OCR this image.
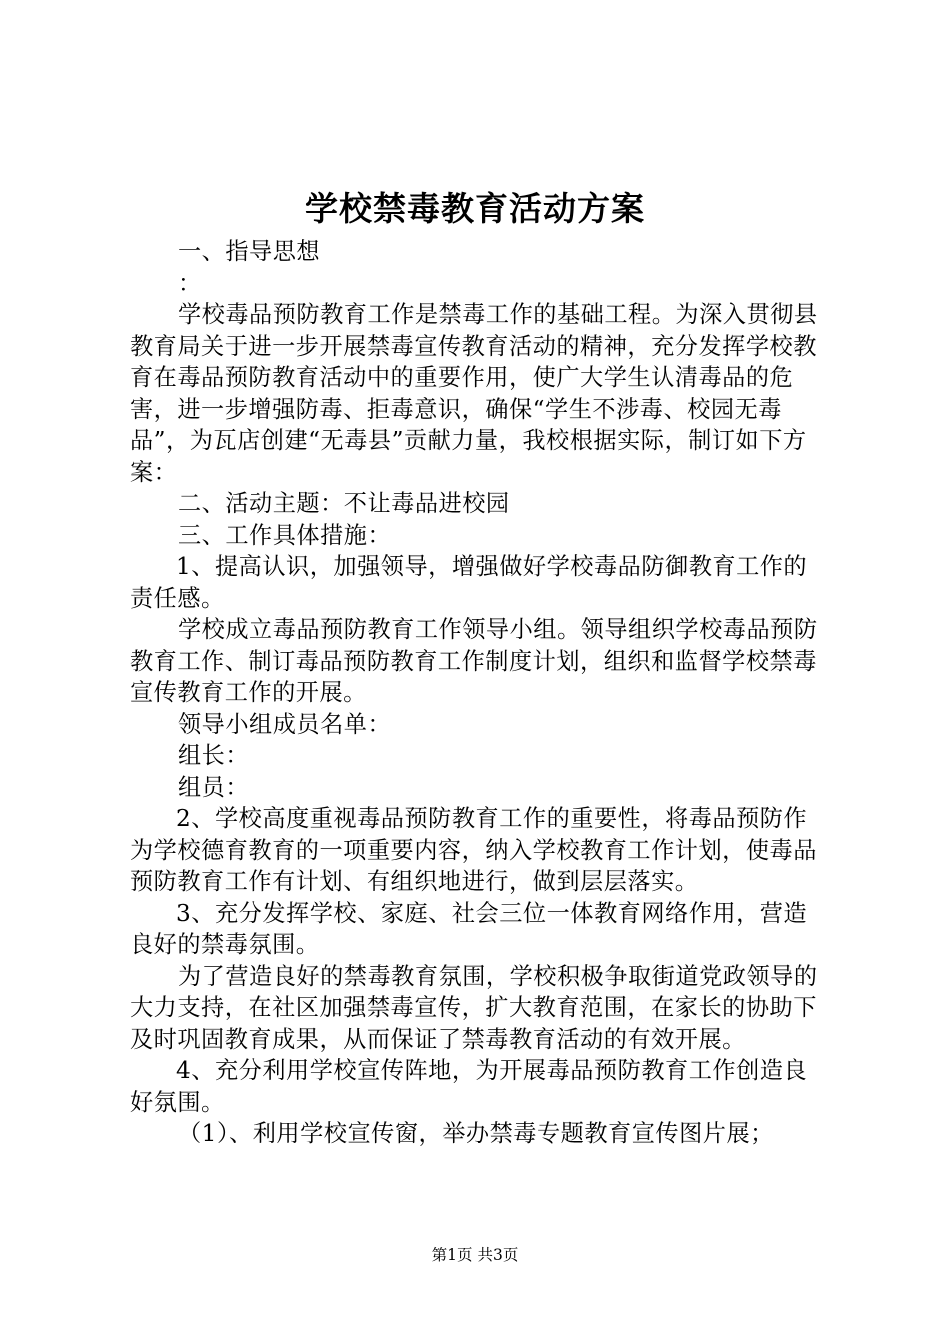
学校禁毒教育活动方案

一、指导思想

：

学校毒品预防教育工作是禁毒工作的基础工程。为深入贯彻县教育局关于进一步开展禁毒宣传教育活动的精神，充分发挥学校教育在毒品预防教育活动中的重要作用，使广大学生认清毒品的危害，进一步增强防毒、拒毒意识，确保“学生不涉毒、校园无毒品”，为瓦店创建“无毒县”贡献力量，我校根据实际，制订如下方案：

二、活动主题：不让毒品进校园

三、工作具体措施：

1、提高认识，加强领导，增强做好学校毒品防御教育工作的责任感。

学校成立毒品预防教育工作领导小组。领导组织学校毒品预防教育工作、制订毒品预防教育工作制度计划，组织和监督学校禁毒宣传教育工作的开展。

领导小组成员名单：

组长：

组员：

2、学校高度重视毒品预防教育工作的重要性，将毒品预防作为学校德育教育的一项重要内容，纳入学校教育工作计划，使毒品预防教育工作有计划、有组织地进行，做到层层落实。

3、充分发挥学校、家庭、社会三位一体教育网络作用，营造良好的禁毒氛围。

为了营造良好的禁毒教育氛围，学校积极争取街道党政领导的大力支持，在社区加强禁毒宣传，扩大教育范围，在家长的协助下及时巩固教育成果，从而保证了禁毒教育活动的有效开展。

4、充分利用学校宣传阵地，为开展毒品预防教育工作创造良好氛围。

（1）、利用学校宣传窗，举办禁毒专题教育宣传图片展；

第1页 共3页
